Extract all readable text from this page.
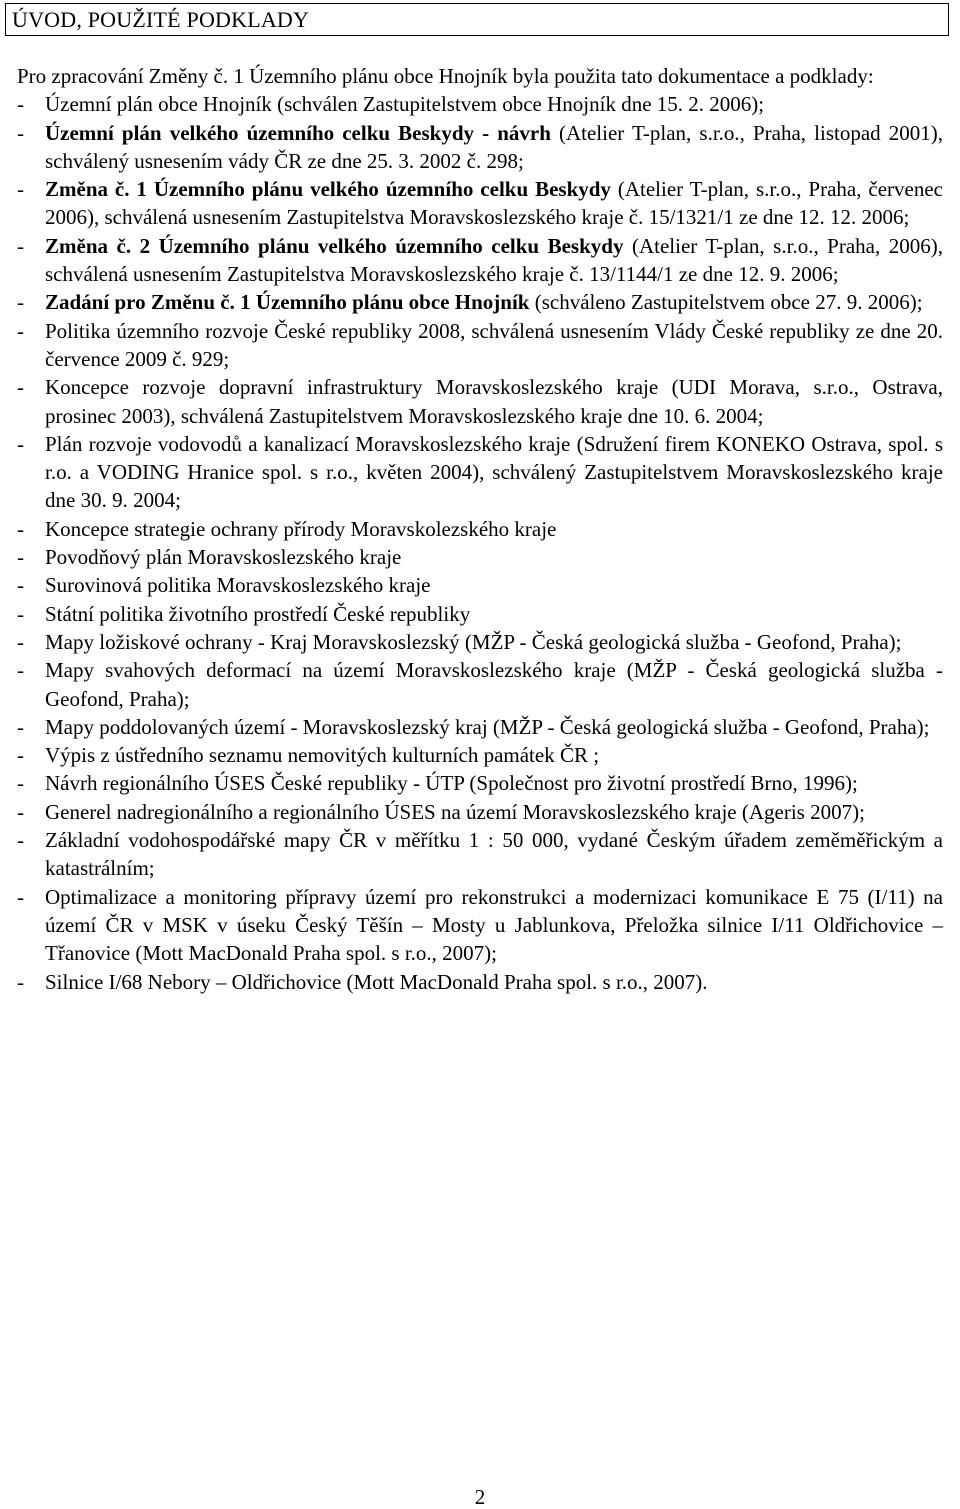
ÚVOD, POUŽITÉ PODKLADY

Pro zpracování Změny č. 1 Územního plánu obce Hnojník byla použita tato dokumentace a podklady:

- Územní plán obce Hnojník (schválen Zastupitelstvem obce Hnojník dne 15. 2. 2006);
- Územní plán velkého územního celku Beskydy - návrh (Atelier T-plan, s.r.o., Praha, listopad 2001), schválený usnesením vády ČR ze dne 25. 3. 2002 č. 298;
- Změna č. 1 Územního plánu velkého územního celku Beskydy (Atelier T-plan, s.r.o., Praha, červenec 2006), schválená usnesením Zastupitelstva Moravskoslezského kraje č. 15/1321/1 ze dne 12. 12. 2006;
- Změna č. 2 Územního plánu velkého územního celku Beskydy (Atelier T-plan, s.r.o., Praha, 2006), schválená usnesením Zastupitelstva Moravskoslezského kraje č. 13/1144/1 ze dne 12. 9. 2006;
- Zadání pro Změnu č. 1 Územního plánu obce Hnojník (schváleno Zastupitelstvem obce 27. 9. 2006);
- Politika územního rozvoje České republiky 2008, schválená usnesením Vlády České republiky ze dne 20. července 2009 č. 929;
- Koncepce rozvoje dopravní infrastruktury Moravskoslezského kraje (UDI Morava, s.r.o., Ostrava, prosinec 2003), schválená Zastupitelstvem Moravskoslezského kraje dne 10. 6. 2004;
- Plán rozvoje vodovodů a kanalizací Moravskoslezského kraje (Sdružení firem KONEKO Ostrava, spol. s r.o. a VODING Hranice spol. s r.o., květen 2004), schválený Zastupitelstvem Moravskoslezského kraje dne 30. 9. 2004;
- Koncepce strategie ochrany přírody Moravskolezského kraje
- Povodňový plán Moravskoslezského kraje
- Surovinová politika Moravskoslezského kraje
- Státní politika životního prostředí České republiky
- Mapy ložiskové ochrany - Kraj Moravskoslezský (MŽP - Česká geologická služba - Geofond, Praha);
- Mapy svahových deformací na území Moravskoslezského kraje (MŽP - Česká geologická služba - Geofond, Praha);
- Mapy poddolovaných území - Moravskoslezský kraj (MŽP - Česká geologická služba - Geofond, Praha);
- Výpis z ústředního seznamu nemovitých kulturních památek ČR ;
- Návrh regionálního ÚSES České republiky - ÚTP (Společnost pro životní prostředí Brno, 1996);
- Generel nadregionálního a regionálního ÚSES na území Moravskoslezského kraje (Ageris 2007);
- Základní vodohospodářské mapy ČR v měřítku 1 : 50 000, vydané Českým úřadem zeměměřickým a katastrálním;
- Optimalizace a monitoring přípravy území pro rekonstrukci a modernizaci komunikace E 75 (I/11) na území ČR v MSK v úseku Český Těšín – Mosty u Jablunkova, Přeložka silnice I/11 Oldřichovice – Třanovice (Mott MacDonald Praha spol. s r.o., 2007);
- Silnice I/68 Nebory – Oldřichovice (Mott MacDonald Praha spol. s r.o., 2007).
2
